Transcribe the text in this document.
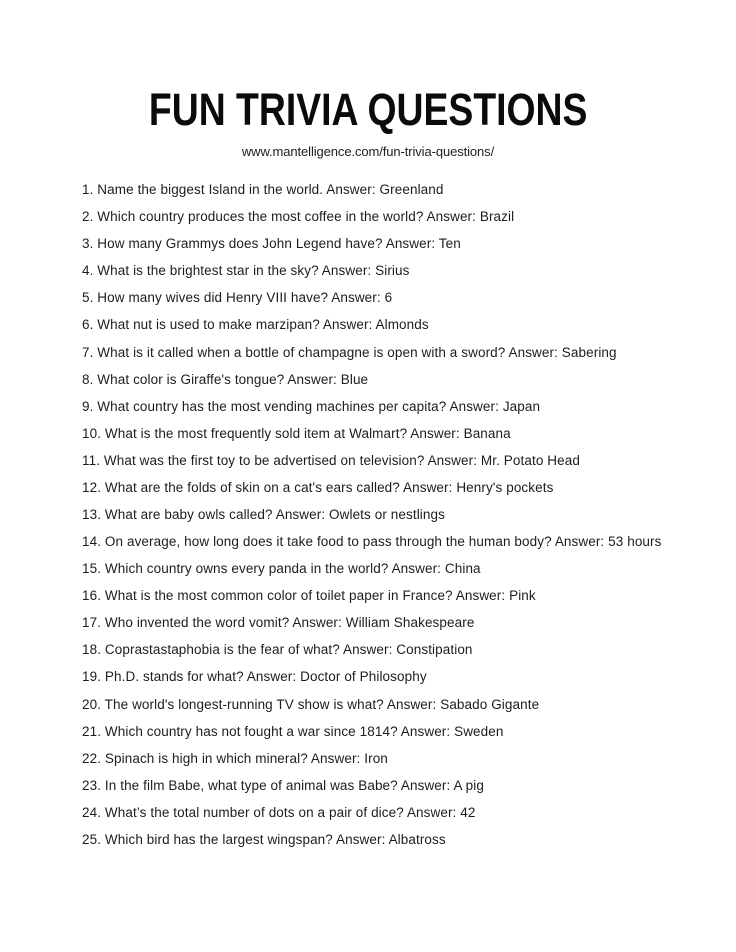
FUN TRIVIA QUESTIONS
www.mantelligence.com/fun-trivia-questions/
1. Name the biggest Island in the world. Answer: Greenland
2. Which country produces the most coffee in the world? Answer: Brazil
3. How many Grammys does John Legend have? Answer: Ten
4. What is the brightest star in the sky? Answer: Sirius
5. How many wives did Henry VIII have? Answer: 6
6. What nut is used to make marzipan? Answer: Almonds
7. What is it called when a bottle of champagne is open with a sword? Answer: Sabering
8. What color is Giraffe's tongue? Answer: Blue
9. What country has the most vending machines per capita? Answer: Japan
10. What is the most frequently sold item at Walmart? Answer: Banana
11. What was the first toy to be advertised on television? Answer: Mr. Potato Head
12. What are the folds of skin on a cat's ears called? Answer: Henry's pockets
13. What are baby owls called? Answer: Owlets or nestlings
14. On average, how long does it take food to pass through the human body? Answer: 53 hours
15. Which country owns every panda in the world? Answer: China
16. What is the most common color of toilet paper in France? Answer: Pink
17. Who invented the word vomit? Answer: William Shakespeare
18. Coprastastaphobia is the fear of what? Answer: Constipation
19. Ph.D. stands for what? Answer: Doctor of Philosophy
20. The world's longest-running TV show is what? Answer: Sabado Gigante
21. Which country has not fought a war since 1814? Answer: Sweden
22. Spinach is high in which mineral? Answer: Iron
23. In the film Babe, what type of animal was Babe? Answer: A pig
24. What’s the total number of dots on a pair of dice? Answer: 42
25. Which bird has the largest wingspan? Answer: Albatross
